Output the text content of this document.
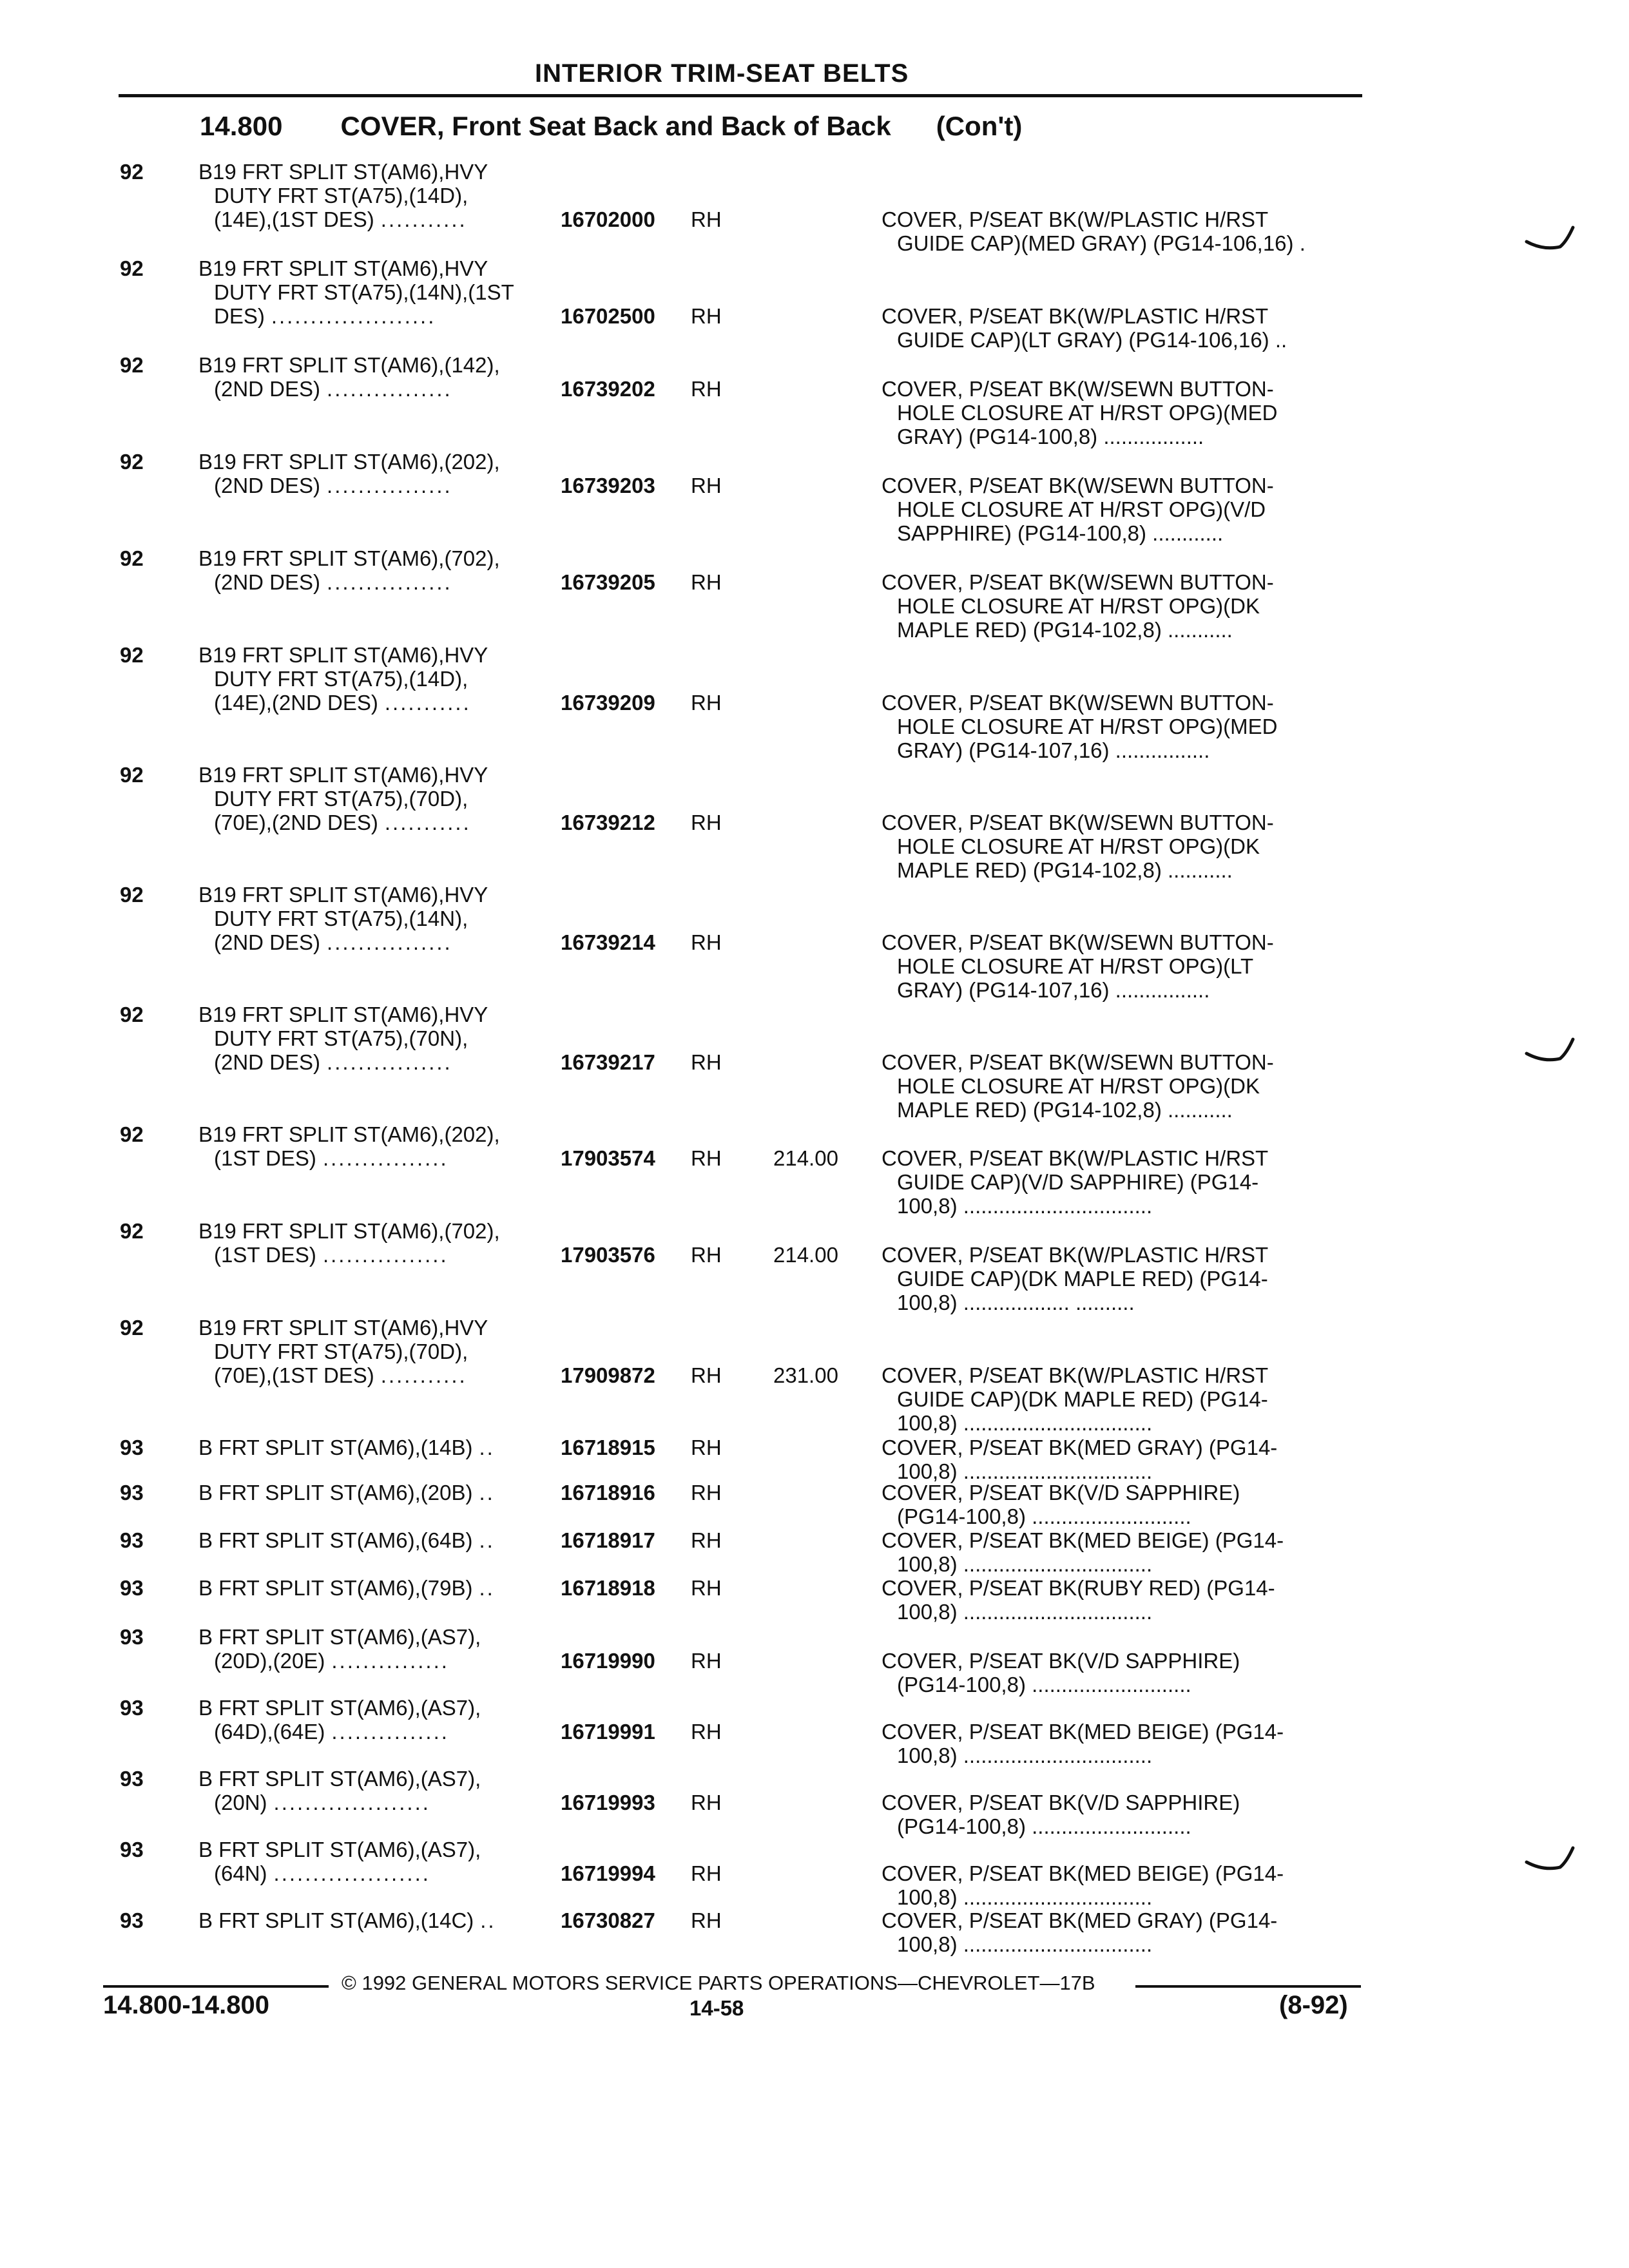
INTERIOR TRIM-SEAT BELTS
14.800 COVER, Front Seat Back and Back of Back (Con't)
92	B19 FRT SPLIT ST(AM6),HVY
DUTY FRT ST(A75),(14D),
(14E),(1ST DES) ...........	16702000 RH	COVER, P/SEAT BK(W/PLASTIC H/RST
GUIDE CAP)(MED GRAY) (PG14-106,16) .
92	B19 FRT SPLIT ST(AM6),HVY
DUTY FRT ST(A75),(14N),(1ST
DES) .....................	16702500 RH	COVER, P/SEAT BK(W/PLASTIC H/RST
GUIDE CAP)(LT GRAY) (PG14-106,16) ..
92	B19 FRT SPLIT ST(AM6),(142),
(2ND DES) ................	16739202 RH	COVER, P/SEAT BK(W/SEWN BUTTON-
HOLE CLOSURE AT H/RST OPG)(MED
GRAY) (PG14-100,8) .................
92	B19 FRT SPLIT ST(AM6),(202),
(2ND DES) ................	16739203 RH	COVER, P/SEAT BK(W/SEWN BUTTON-
HOLE CLOSURE AT H/RST OPG)(V/D
SAPPHIRE) (PG14-100,8) ............
92	B19 FRT SPLIT ST(AM6),(702),
(2ND DES) ................	16739205 RH	COVER, P/SEAT BK(W/SEWN BUTTON-
HOLE CLOSURE AT H/RST OPG)(DK
MAPLE RED) (PG14-102,8) ...........
92	B19 FRT SPLIT ST(AM6),HVY
DUTY FRT ST(A75),(14D),
(14E),(2ND DES) ...........	16739209 RH	COVER, P/SEAT BK(W/SEWN BUTTON-
HOLE CLOSURE AT H/RST OPG)(MED
GRAY) (PG14-107,16) ................
92	B19 FRT SPLIT ST(AM6),HVY
DUTY FRT ST(A75),(70D),
(70E),(2ND DES) ...........	16739212 RH	COVER, P/SEAT BK(W/SEWN BUTTON-
HOLE CLOSURE AT H/RST OPG)(DK
MAPLE RED) (PG14-102,8) ...........
92	B19 FRT SPLIT ST(AM6),HVY
DUTY FRT ST(A75),(14N),
(2ND DES) ................	16739214 RH	COVER, P/SEAT BK(W/SEWN BUTTON-
HOLE CLOSURE AT H/RST OPG)(LT
GRAY) (PG14-107,16) ................
92	B19 FRT SPLIT ST(AM6),HVY
DUTY FRT ST(A75),(70N),
(2ND DES) ................	16739217 RH	COVER, P/SEAT BK(W/SEWN BUTTON-
HOLE CLOSURE AT H/RST OPG)(DK
MAPLE RED) (PG14-102,8) ...........
92	B19 FRT SPLIT ST(AM6),(202),
(1ST DES) ................	17903574 RH 214.00 COVER, P/SEAT BK(W/PLASTIC H/RST
GUIDE CAP)(V/D SAPPHIRE) (PG14-
100,8) ................................
92	B19 FRT SPLIT ST(AM6),(702),
(1ST DES) ................	17903576 RH 214.00 COVER, P/SEAT BK(W/PLASTIC H/RST
GUIDE CAP)(DK MAPLE RED) (PG14-
100,8) .................. ..........
92	B19 FRT SPLIT ST(AM6),HVY
DUTY FRT ST(A75),(70D),
(70E),(1ST DES) ...........	17909872 RH 231.00 COVER, P/SEAT BK(W/PLASTIC H/RST
GUIDE CAP)(DK MAPLE RED) (PG14-
100,8) ................................
93	B FRT SPLIT ST(AM6),(14B) ..	16718915 RH	COVER, P/SEAT BK(MED GRAY) (PG14-
100,8) ................................
93	B FRT SPLIT ST(AM6),(20B) ..	16718916 RH	COVER, P/SEAT BK(V/D SAPPHIRE)
(PG14-100,8) ...........................
93	B FRT SPLIT ST(AM6),(64B) ..	16718917 RH	COVER, P/SEAT BK(MED BEIGE) (PG14-
100,8) ................................
93	B FRT SPLIT ST(AM6),(79B) ..	16718918 RH	COVER, P/SEAT BK(RUBY RED) (PG14-
100,8) ................................
93	B FRT SPLIT ST(AM6),(AS7),
(20D),(20E) ...............	16719990 RH	COVER, P/SEAT BK(V/D SAPPHIRE)
(PG14-100,8) ...........................
93	B FRT SPLIT ST(AM6),(AS7),
(64D),(64E) ...............	16719991 RH	COVER, P/SEAT BK(MED BEIGE) (PG14-
100,8) ................................
93	B FRT SPLIT ST(AM6),(AS7),
(20N) ....................	16719993 RH	COVER, P/SEAT BK(V/D SAPPHIRE)
(PG14-100,8) ...........................
93	B FRT SPLIT ST(AM6),(AS7),
(64N) ....................	16719994 RH	COVER, P/SEAT BK(MED BEIGE) (PG14-
100,8) ................................
93	B FRT SPLIT ST(AM6),(14C) ..	16730827 RH	COVER, P/SEAT BK(MED GRAY) (PG14-
100,8) ................................
© 1992 GENERAL MOTORS SERVICE PARTS OPERATIONS—CHEVROLET—17B
14.800-14.800	14-58	(8-92)
